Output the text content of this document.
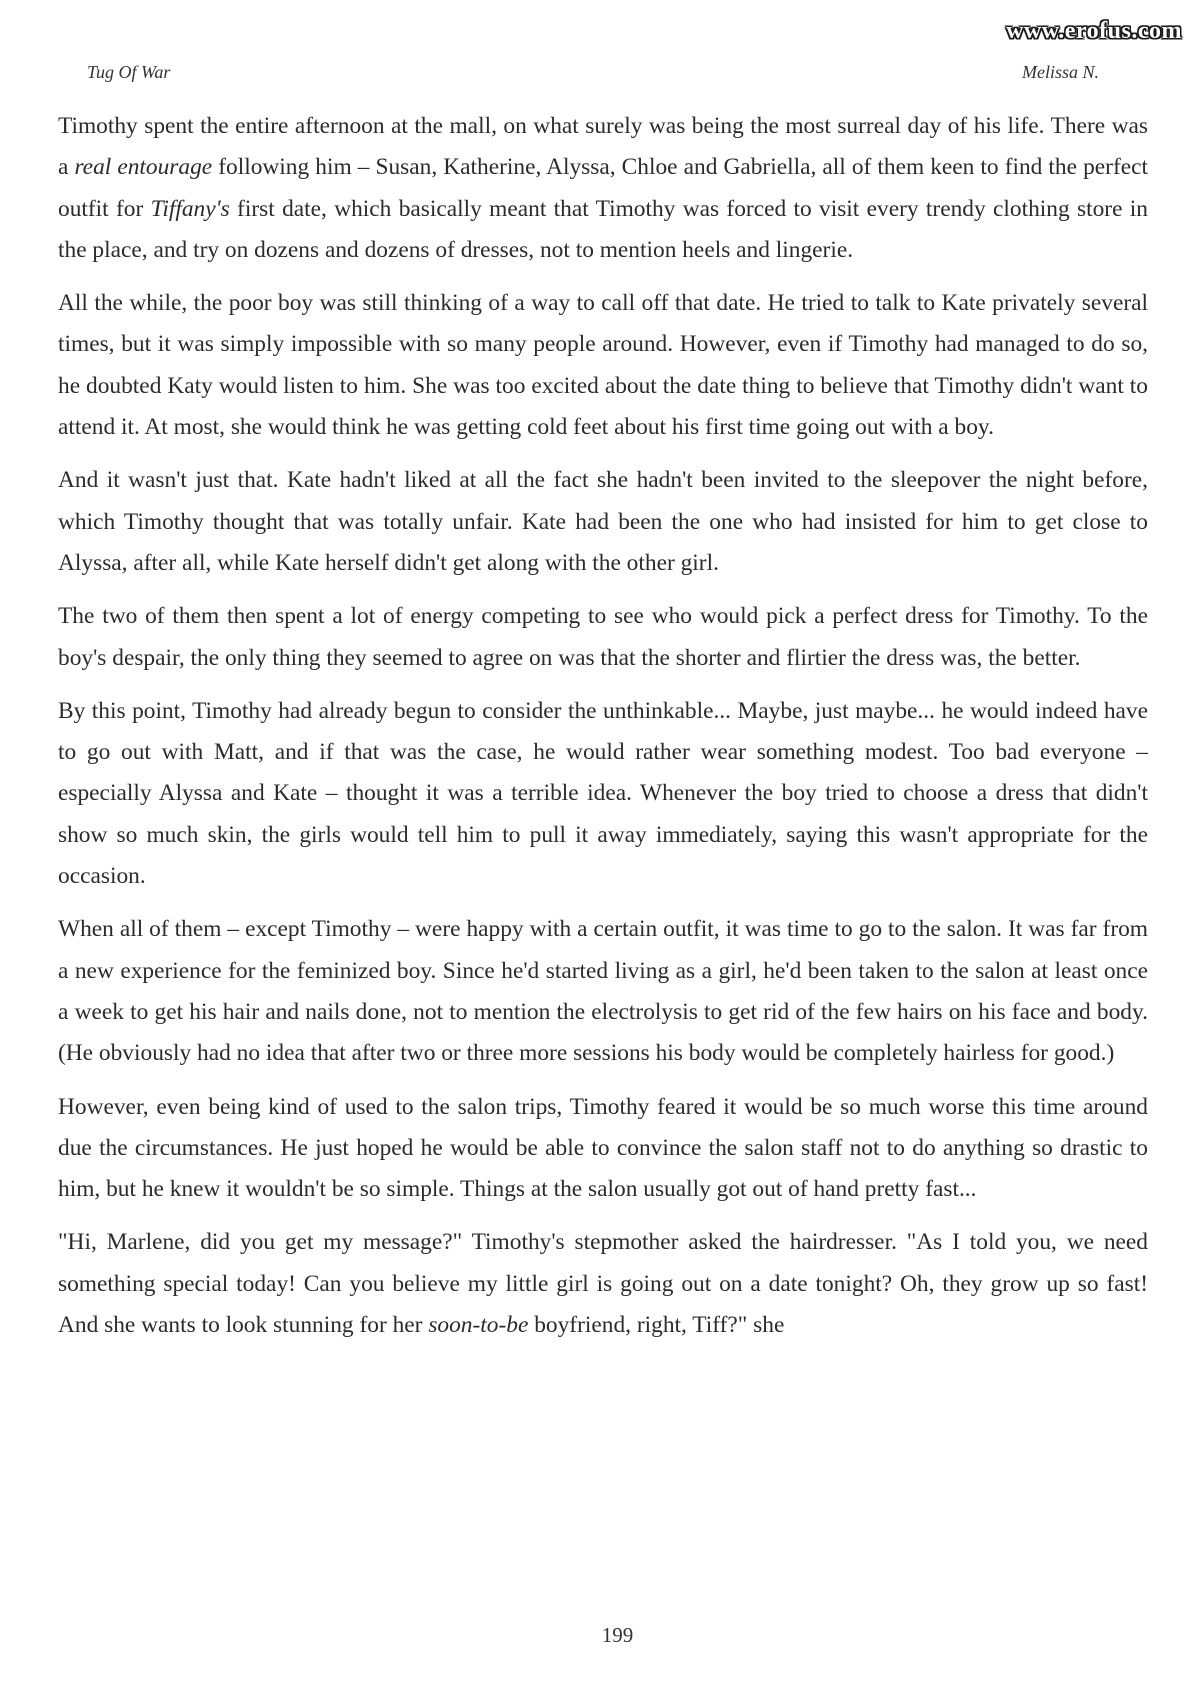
www.erofus.com
Tug Of War	Melissa N.

Timothy spent the entire afternoon at the mall, on what surely was being the most surreal day of his life. There was a real entourage following him – Susan, Katherine, Alyssa, Chloe and Gabriella, all of them keen to find the perfect outfit for Tiffany's first date, which basically meant that Timothy was forced to visit every trendy clothing store in the place, and try on dozens and dozens of dresses, not to mention heels and lingerie.

All the while, the poor boy was still thinking of a way to call off that date. He tried to talk to Kate privately several times, but it was simply impossible with so many people around. However, even if Timothy had managed to do so, he doubted Katy would listen to him. She was too excited about the date thing to believe that Timothy didn't want to attend it. At most, she would think he was getting cold feet about his first time going out with a boy.

And it wasn't just that. Kate hadn't liked at all the fact she hadn't been invited to the sleepover the night before, which Timothy thought that was totally unfair. Kate had been the one who had insisted for him to get close to Alyssa, after all, while Kate herself didn't get along with the other girl.

The two of them then spent a lot of energy competing to see who would pick a perfect dress for Timothy. To the boy's despair, the only thing they seemed to agree on was that the shorter and flirtier the dress was, the better.

By this point, Timothy had already begun to consider the unthinkable... Maybe, just maybe... he would indeed have to go out with Matt, and if that was the case, he would rather wear something modest. Too bad everyone – especially Alyssa and Kate – thought it was a terrible idea. Whenever the boy tried to choose a dress that didn't show so much skin, the girls would tell him to pull it away immediately, saying this wasn't appropriate for the occasion.

When all of them – except Timothy – were happy with a certain outfit, it was time to go to the salon. It was far from a new experience for the feminized boy. Since he'd started living as a girl, he'd been taken to the salon at least once a week to get his hair and nails done, not to mention the electrolysis to get rid of the few hairs on his face and body. (He obviously had no idea that after two or three more sessions his body would be completely hairless for good.)

However, even being kind of used to the salon trips, Timothy feared it would be so much worse this time around due the circumstances. He just hoped he would be able to convince the salon staff not to do anything so drastic to him, but he knew it wouldn't be so simple. Things at the salon usually got out of hand pretty fast...

"Hi, Marlene, did you get my message?" Timothy's stepmother asked the hairdresser. "As I told you, we need something special today! Can you believe my little girl is going out on a date tonight? Oh, they grow up so fast! And she wants to look stunning for her soon-to-be boyfriend, right, Tiff?" she

199
